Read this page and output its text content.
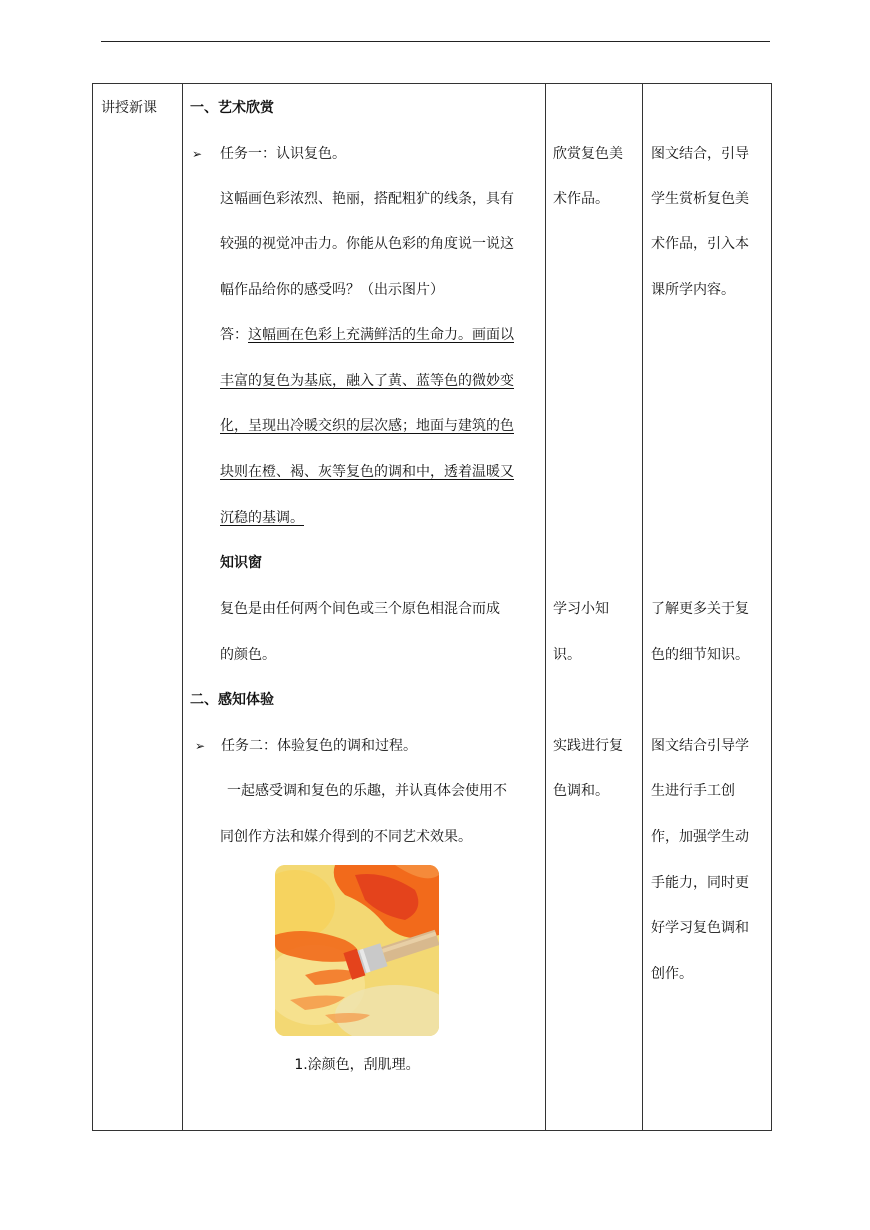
讲授新课 一、艺术欣赏
➢ 任务一：认识复色。
这幅画色彩浓烈、艳丽，搭配粗犷的线条，具有
较强的视觉冲击力。你能从色彩的角度说一说这
幅作品给你的感受吗？（出示图片）
答：这幅画在色彩上充满鲜活的生命力。画面以
丰富的复色为基底，融入了黄、蓝等色的微妙变
化，呈现出冷暖交织的层次感；地面与建筑的色
块则在橙、褐、灰等复色的调和中，透着温暖又
沉稳的基调。
知识窗
复色是由任何两个间色或三个原色相混合而成
的颜色。
二、感知体验
➢ 任务二：体验复色的调和过程。
一起感受调和复色的乐趣，并认真体会使用不
同创作方法和媒介得到的不同艺术效果。
1.涂颜色，刮肌理。
欣赏复色美
术作品。
学习小知
识。
实践进行复
色调和。
图文结合，引导
学生赏析复色美
术作品，引入本
课所学内容。
了解更多关于复
色的细节知识。
图文结合引导学
生进行手工创
作，加强学生动
手能力，同时更
好学习复色调和
创作。
